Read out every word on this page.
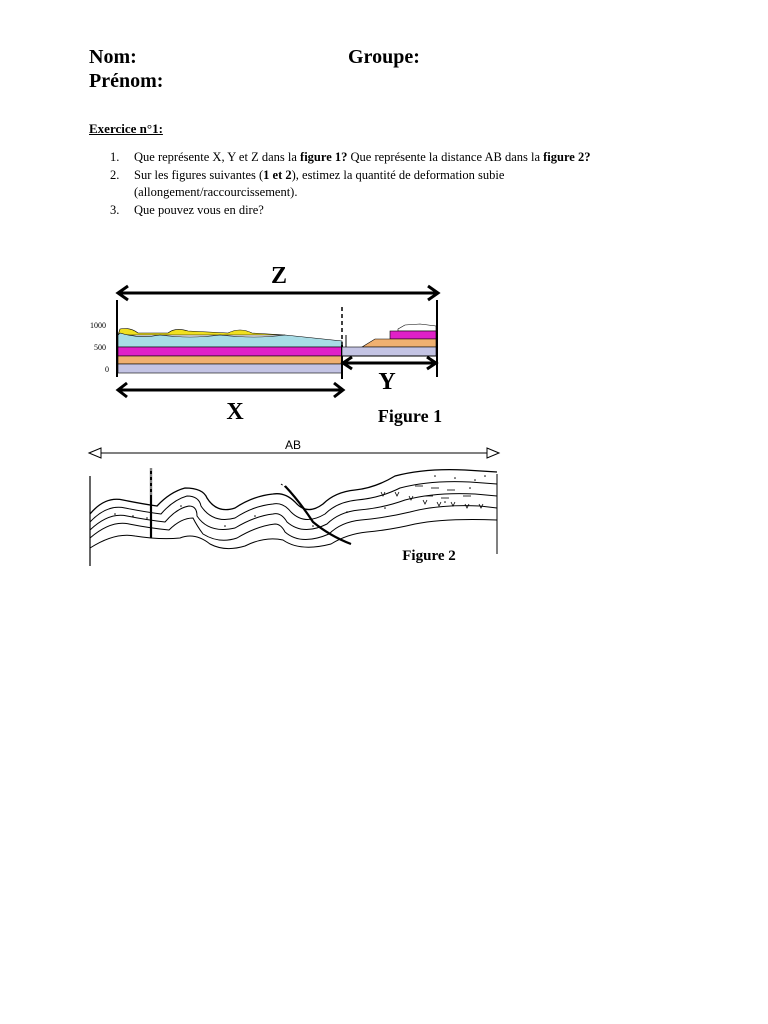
Nom:	Groupe:
Prénom:
Exercice n°1:
1. Que représente X, Y et Z dans la figure 1? Que représente la distance AB dans la figure 2?
2. Sur les figures suivantes (1 et 2), estimez la quantité de deformation subie
(allongement/raccourcissement).
3. Que pouvez vous en dire?
Z
1000
500
0	Y
X	Figure 1
AB
Figure 2
